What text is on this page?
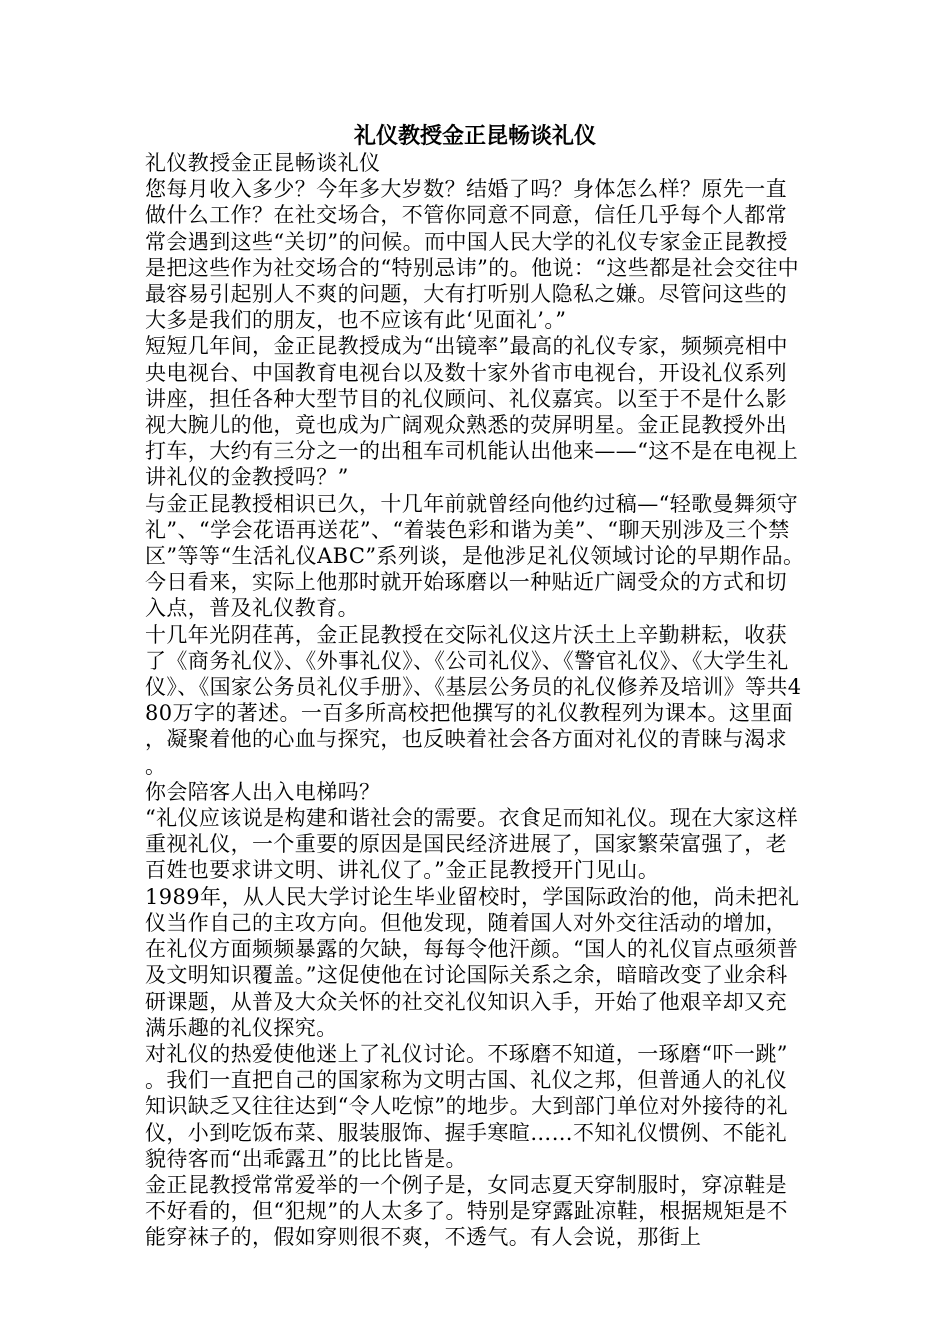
礼仪教授金正昆畅谈礼仪

礼仪教授金正昆畅谈礼仪

您每月收入多少？今年多大岁数？结婚了吗？身体怎么样？原先一直做什么工作？在社交场合，不管你同意不同意，信任几乎每个人都常常会遇到这些“关切”的问候。而中国人民大学的礼仪专家金正昆教授是把这些作为社交场合的“特别忌讳”的。他说：“这些都是社会交往中最容易引起别人不爽的问题，大有打听别人隐私之嫌。尽管问这些的大多是我们的朋友，也不应该有此‘见面礼’。”

短短几年间，金正昆教授成为“出镜率”最高的礼仪专家，频频亮相中央电视台、中国教育电视台以及数十家外省市电视台，开设礼仪系列讲座，担任各种大型节目的礼仪顾问、礼仪嘉宾。以至于不是什么影视大腕儿的他，竟也成为广阔观众熟悉的荧屏明星。金正昆教授外出打车，大约有三分之一的出租车司机能认出他来——“这不是在电视上讲礼仪的金教授吗？”

与金正昆教授相识已久，十几年前就曾经向他约过稿—“轻歌曼舞须守礼”、“学会花语再送花”、“着装色彩和谐为美”、“聊天别涉及三个禁区”等等“生活礼仪ABC”系列谈，是他涉足礼仪领域讨论的早期作品。今日看来，实际上他那时就开始琢磨以一种贴近广阔受众的方式和切入点，普及礼仪教育。

十几年光阴荏苒，金正昆教授在交际礼仪这片沃土上辛勤耕耘，收获了《商务礼仪》、《外事礼仪》、《公司礼仪》、《警官礼仪》、《大学生礼仪》、《国家公务员礼仪手册》、《基层公务员的礼仪修养及培训》等共480万字的著述。一百多所高校把他撰写的礼仪教程列为课本。这里面，凝聚着他的心血与探究，也反映着社会各方面对礼仪的青睐与渴求。

你会陪客人出入电梯吗？

“礼仪应该说是构建和谐社会的需要。衣食足而知礼仪。现在大家这样重视礼仪，一个重要的原因是国民经济进展了，国家繁荣富强了，老百姓也要求讲文明、讲礼仪了。”金正昆教授开门见山。

1989年，从人民大学讨论生毕业留校时，学国际政治的他，尚未把礼仪当作自己的主攻方向。但他发现，随着国人对外交往活动的增加，在礼仪方面频频暴露的欠缺，每每令他汗颜。“国人的礼仪盲点亟须普及文明知识覆盖。”这促使他在讨论国际关系之余，暗暗改变了业余科研课题，从普及大众关怀的社交礼仪知识入手，开始了他艰辛却又充满乐趣的礼仪探究。

对礼仪的热爱使他迷上了礼仪讨论。不琢磨不知道，一琢磨“吓一跳”。我们一直把自己的国家称为文明古国、礼仪之邦，但普通人的礼仪知识缺乏又往往达到“令人吃惊”的地步。大到部门单位对外接待的礼仪，小到吃饭布菜、服装服饰、握手寒暄……不知礼仪惯例、不能礼貌待客而“出乖露丑”的比比皆是。

金正昆教授常常爱举的一个例子是，女同志夏天穿制服时，穿凉鞋是不好看的，但“犯规”的人太多了。特别是穿露趾凉鞋，根据规矩是不能穿袜子的，假如穿则很不爽，不透气。有人会说，那街上
